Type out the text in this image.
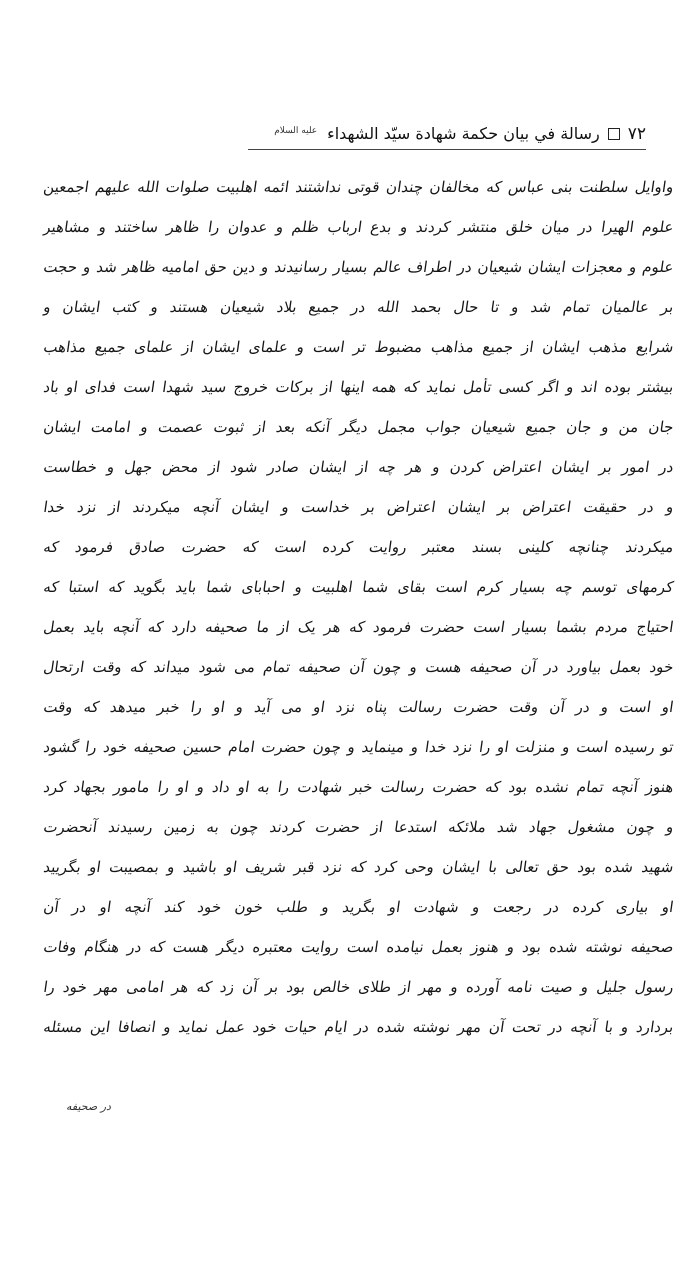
٧٢
رسالة في بيان حكمة شهادة سيّد الشهداء
عليه السلام
واوایل سلطنت بنی عباس که مخالفان چندان قوتی نداشتند ائمه اهلبیت صلوات الله علیهم اجمعین
علوم الهیرا در میان خلق منتشر کردند و بدع ارباب ظلم و عدوان را ظاهر ساختند و مشاهیر
علوم و معجزات ایشان شیعیان در اطراف عالم بسیار رسانیدند و دین حق امامیه ظاهر شد و حجت
بر عالمیان تمام شد و تا حال بحمد الله در جمیع بلاد شیعیان هستند و کتب ایشان و
شرایع مذهب ایشان از جمیع مذاهب مضبوط تر است و علمای ایشان از علمای جمیع مذاهب
بیشتر بوده اند و اگر کسی تأمل نماید که همه اینها از برکات خروج سید شهدا است فدای او باد
جان من و جان جمیع شیعیان جواب مجمل دیگر آنکه بعد از ثبوت عصمت و امامت ایشان
در امور بر ایشان اعتراض کردن و هر چه از ایشان صادر شود از محض جهل و خطاست
و در حقیقت اعتراض بر ایشان اعتراض بر خداست و ایشان آنچه میکردند از نزد خدا
میکردند چنانچه کلینی بسند معتبر روایت کرده است که حضرت صادق فرمود که
کرمهای توسم چه بسیار کرم است بقای شما اهلبیت و احبابای شما باید بگوید که استبا که
احتیاج مردم بشما بسیار است حضرت فرمود که هر یک از ما صحیفه دارد که آنچه باید بعمل
خود بعمل بیاورد در آن صحیفه هست و چون آن صحیفه تمام می شود میداند که وقت ارتحال
او است و در آن وقت حضرت رسالت پناه نزد او می آید و او را خبر میدهد که وقت
تو رسیده است و منزلت او را نزد خدا و مینماید و چون حضرت امام حسین صحیفه خود را گشود
هنوز آنچه تمام نشده بود که حضرت رسالت خبر شهادت را به او داد و او را مامور بجهاد کرد
و چون مشغول جهاد شد ملائکه استدعا از حضرت کردند چون به زمین رسیدند آنحضرت
شهید شده بود حق تعالی با ایشان وحی کرد که نزد قبر شریف او باشید و بمصیبت او بگریید
او بیاری کرده در رجعت و شهادت او بگرید و طلب خون خود کند آنچه او در آن
صحیفه نوشته شده بود و هنوز بعمل نیامده است روایت معتبره دیگر هست که در هنگام وفات
رسول جلیل و صیت نامه آورده و مهر از طلای خالص بود بر آن زد که هر امامی مهر خود را
بردارد و با آنچه در تحت آن مهر نوشته شده در ایام حیات خود عمل نماید و انصافا این مسئله
در صحیفه
